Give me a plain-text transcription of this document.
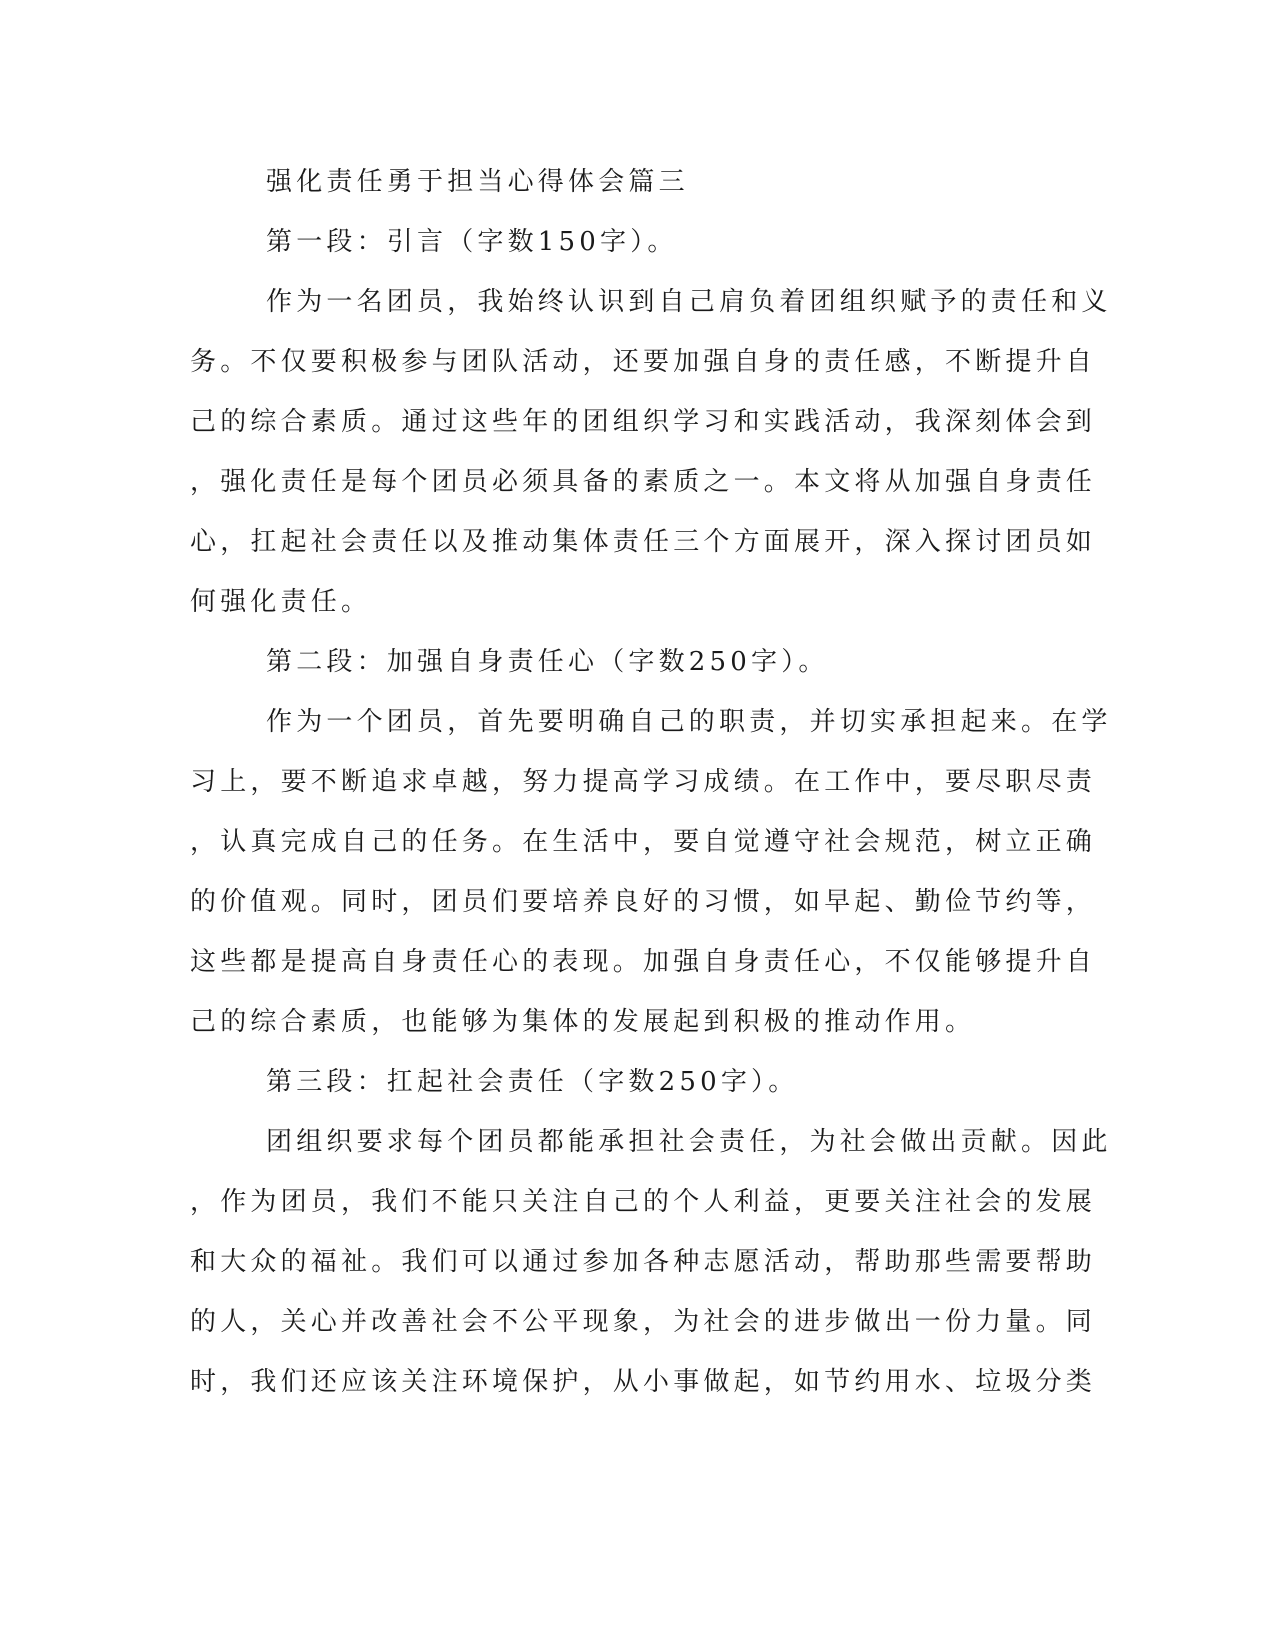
强化责任勇于担当心得体会篇三
第一段：引言（字数150字）。
作为一名团员，我始终认识到自己肩负着团组织赋予的责任和义
务。不仅要积极参与团队活动，还要加强自身的责任感，不断提升自
己的综合素质。通过这些年的团组织学习和实践活动，我深刻体会到
，强化责任是每个团员必须具备的素质之一。本文将从加强自身责任
心，扛起社会责任以及推动集体责任三个方面展开，深入探讨团员如
何强化责任。
第二段：加强自身责任心（字数250字）。
作为一个团员，首先要明确自己的职责，并切实承担起来。在学
习上，要不断追求卓越，努力提高学习成绩。在工作中，要尽职尽责
，认真完成自己的任务。在生活中，要自觉遵守社会规范，树立正确
的价值观。同时，团员们要培养良好的习惯，如早起、勤俭节约等，
这些都是提高自身责任心的表现。加强自身责任心，不仅能够提升自
己的综合素质，也能够为集体的发展起到积极的推动作用。
第三段：扛起社会责任（字数250字）。
团组织要求每个团员都能承担社会责任，为社会做出贡献。因此
，作为团员，我们不能只关注自己的个人利益，更要关注社会的发展
和大众的福祉。我们可以通过参加各种志愿活动，帮助那些需要帮助
的人，关心并改善社会不公平现象，为社会的进步做出一份力量。同
时，我们还应该关注环境保护，从小事做起，如节约用水、垃圾分类
